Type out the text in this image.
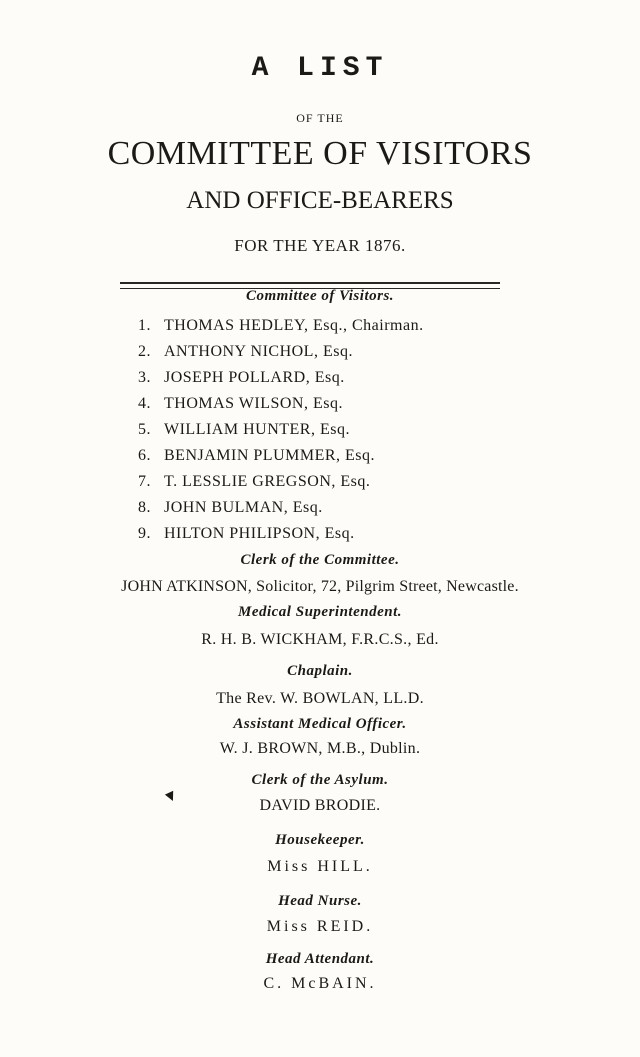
A LIST
OF THE
COMMITTEE OF VISITORS
AND OFFICE-BEARERS
FOR THE YEAR 1876.
Committee of Visitors.
1. THOMAS HEDLEY, Esq., Chairman.
2. ANTHONY NICHOL, Esq.
3. JOSEPH POLLARD, Esq.
4. THOMAS WILSON, Esq.
5. WILLIAM HUNTER, Esq.
6. BENJAMIN PLUMMER, Esq.
7. T. LESSLIE GREGSON, Esq.
8. JOHN BULMAN, Esq.
9. HILTON PHILIPSON, Esq.
Clerk of the Committee.
JOHN ATKINSON, Solicitor, 72, Pilgrim Street, Newcastle.
Medical Superintendent.
R. H. B. WICKHAM, F.R.C.S., Ed.
Chaplain.
The Rev. W. BOWLAN, LL.D.
Assistant Medical Officer.
W. J. BROWN, M.B., Dublin.
Clerk of the Asylum.
DAVID BRODIE.
Housekeeper.
Miss HILL.
Head Nurse.
Miss REID.
Head Attendant.
C. McBAIN.
▼
